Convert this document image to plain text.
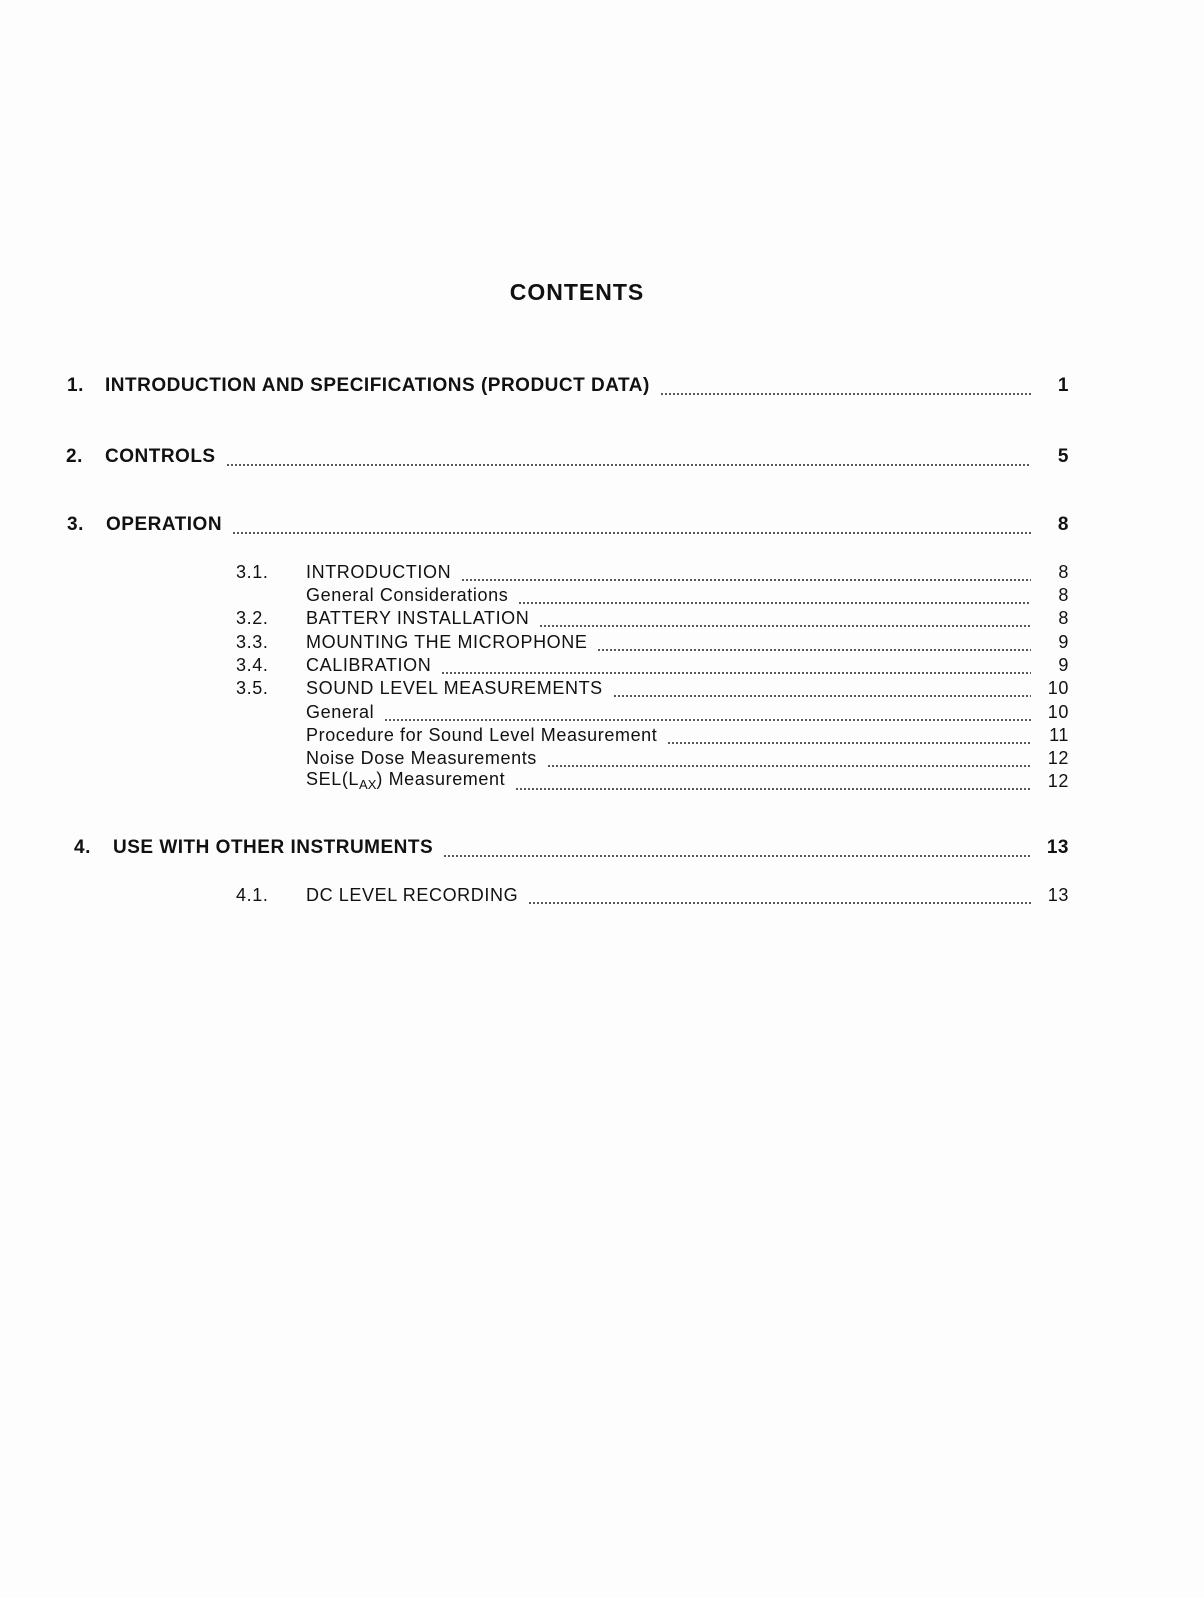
CONTENTS
1. INTRODUCTION AND SPECIFICATIONS (PRODUCT DATA)	1
2. CONTROLS	5
3. OPERATION	8
3.1. INTRODUCTION	8
General Considerations	8
3.2. BATTERY INSTALLATION	8
3.3. MOUNTING THE MICROPHONE	9
3.4. CALIBRATION	9
3.5. SOUND LEVEL MEASUREMENTS	10
General	10
Procedure for Sound Level Measurement	11
Noise Dose Measurements	12
$SEL(L_{AX})$ Measurement	12
4. USE WITH OTHER INSTRUMENTS	13
4.1. DC LEVEL RECORDING	13
